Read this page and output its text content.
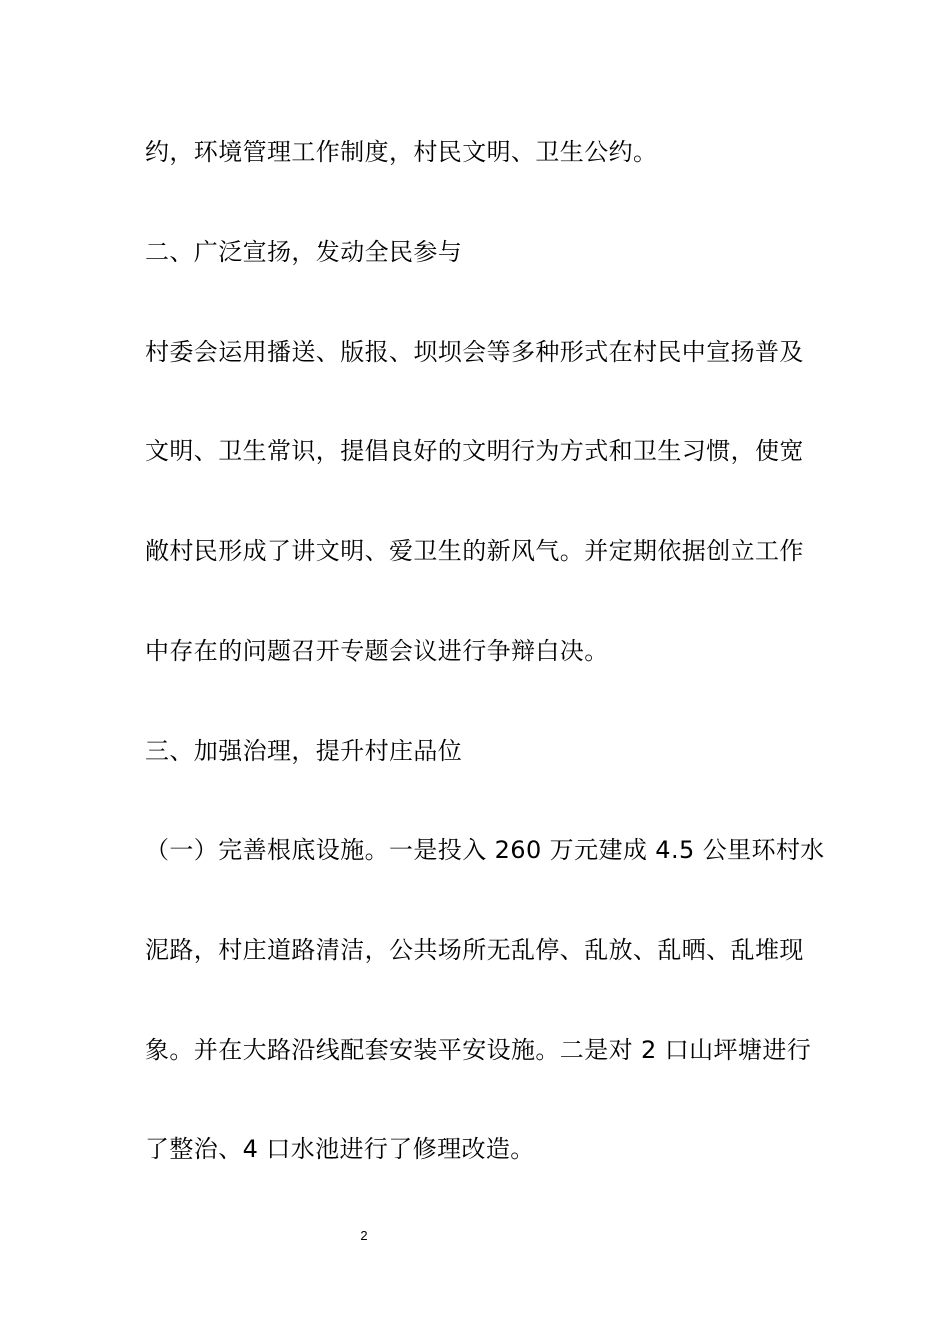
约，环境管理工作制度，村民文明、卫生公约。
二、广泛宣扬，发动全民参与
村委会运用播送、版报、坝坝会等多种形式在村民中宣扬普及
文明、卫生常识，提倡良好的文明行为方式和卫生习惯，使宽
敞村民形成了讲文明、爱卫生的新风气。并定期依据创立工作
中存在的问题召开专题会议进行争辩白决。
三、加强治理，提升村庄品位
（一）完善根底设施。一是投入 260 万元建成 4.5 公里环村水
泥路，村庄道路清洁，公共场所无乱停、乱放、乱晒、乱堆现
象。并在大路沿线配套安装平安设施。二是对 2 口山坪塘进行
了整治、4 口水池进行了修理改造。
2
